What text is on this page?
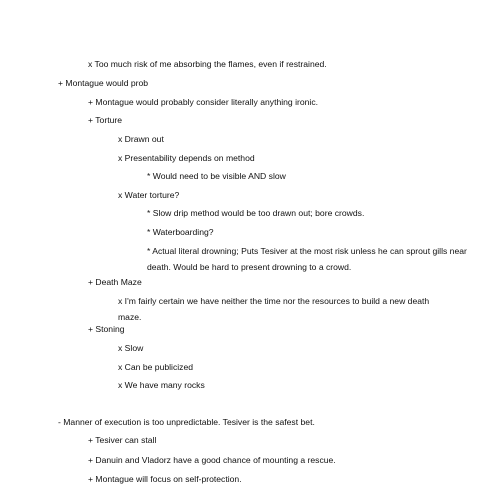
x Too much risk of me absorbing the flames, even if restrained.
+ Montague would prob
+ Montague would probably consider literally anything ironic.
+ Torture
x Drawn out
x Presentability depends on method
* Would need to be visible AND slow
x Water torture?
* Slow drip method would be too drawn out; bore crowds.
* Waterboarding?
* Actual literal drowning; Puts Tesiver at the most risk unless he can sprout gills near death. Would be hard to present drowning to a crowd.
+ Death Maze
x I'm fairly certain we have neither the time nor the resources to build a new death maze.
+ Stoning
x Slow
x Can be publicized
x We have many rocks
- Manner of execution is too unpredictable. Tesiver is the safest bet.
+ Tesiver can stall
+ Danuin and Vladorz have a good chance of mounting a rescue.
+ Montague will focus on self-protection.
